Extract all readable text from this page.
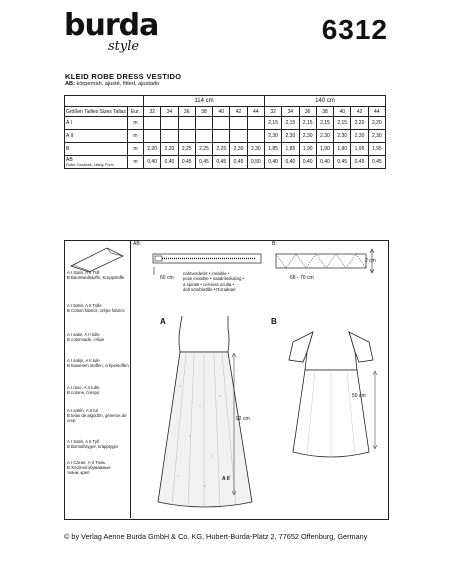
burda
style
6312
KLEID ROBE DRESS VESTIDO
AB: körpernah, ajusté, fitted, ajustado
		114 cm							140 cm						
Größen Tailles Sizes Tallas	Eur.	32	34	36	38	40	42	44	32	34	36	38	40	42	44
A I	m								2,15	2,15	2,15	2,15	2,15	2,20	2,20
A II	m								2,30	2,30	2,30	2,30	2,30	2,30	2,30
B	m	2,20	2,20	2,25	2,25	2,25	2,30	2,30	1,85	1,85	1,90	1,90	1,90	1,95	1,95
AB
Futter, Doublure, Lining, Forro	m	0,40	0,40	0,45	0,45	0,45	0,45	0,50	0,40	0,40	0,40	0,40	0,45	0,45	0,45
A I Satin, A II Tüll
B Baumwollstoffe, Kreppstoffe
A I Satin, A II Tulle
B Cotton fabrics, crêpe fabrics
A I satin, A II tulle
B cotonnade, crêpe
A I satijn, A II tule
B katoenen stoffen, crêpestoffen
A I raso, A II tulle,
B cotone, crespo
A I satén, A II tul
B telas de algodón, géneros de
crep
A I Satin, A II Tyll
B Bomullstyger, kräpptyger
A I Сатин, A II Тюль
B Хлопчатобумажные
ткани, креп
AB:
60 cm
nahtverdeckt • invisible •
pose invisible • naadritssluiting •
a spirale • cerniera oculta •
dolt sömblixtlås • Потайная
B:
2 cm
68 - 70 cm
A
92 cm
A II
B
50 cm
© by Verlag Aenne Burda GmbH & Co. KG, Hubert-Burda-Platz 2, 77652 Offenburg, Germany
